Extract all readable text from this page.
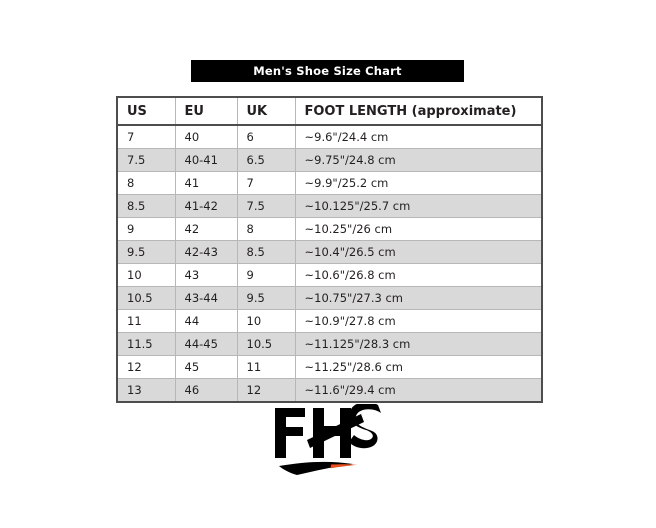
Men's Shoe Size Chart
US	EU	UK	FOOT LENGTH (approximate)
7	40	6	~9.6"/24.4 cm
7.5	40-41	6.5	~9.75"/24.8 cm
8	41	7	~9.9"/25.2 cm
8.5	41-42	7.5	~10.125"/25.7 cm
9	42	8	~10.25"/26 cm
9.5	42-43	8.5	~10.4"/26.5 cm
10	43	9	~10.6"/26.8 cm
10.5	43-44	9.5	~10.75"/27.3 cm
11	44	10	~10.9"/27.8 cm
11.5	44-45	10.5	~11.125"/28.3 cm
12	45	11	~11.25"/28.6 cm
13	46	12	~11.6"/29.4 cm
